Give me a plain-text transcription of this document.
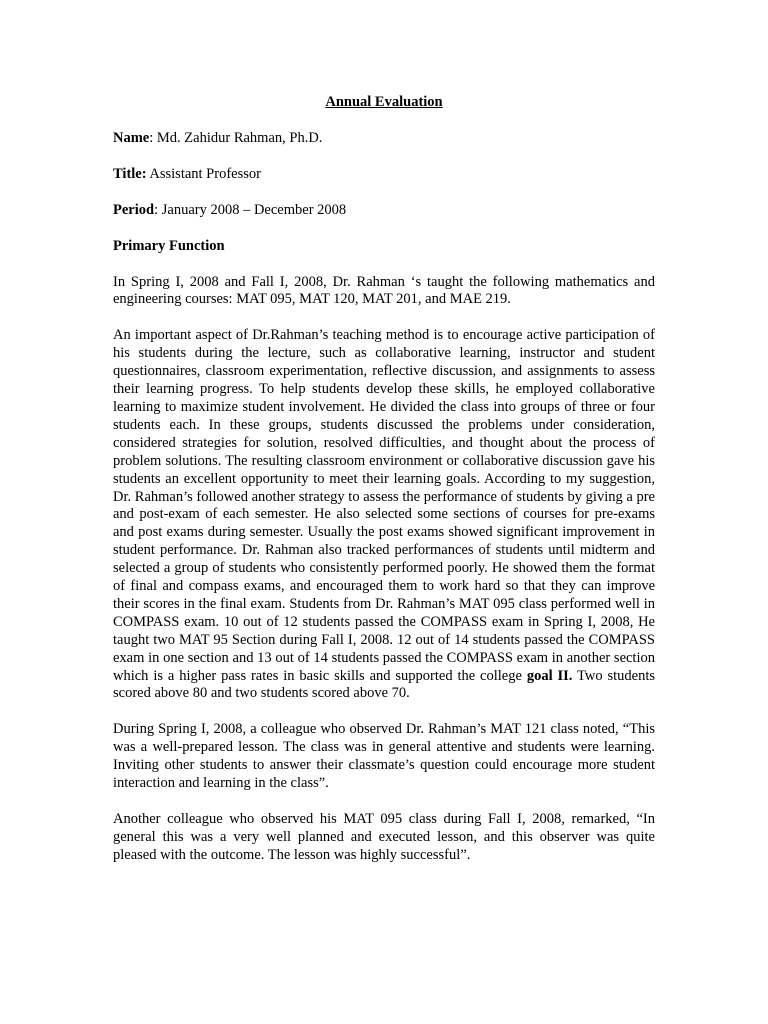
Annual Evaluation
Name: Md. Zahidur Rahman, Ph.D.
Title: Assistant Professor
Period: January 2008 – December 2008
Primary Function

In Spring I, 2008 and Fall I, 2008, Dr. Rahman ‘s taught the following mathematics and engineering courses: MAT 095, MAT 120, MAT 201, and MAE 219.

An important aspect of Dr.Rahman’s teaching method is to encourage active participation of his students during the lecture, such as collaborative learning, instructor and student questionnaires, classroom experimentation, reflective discussion, and assignments to assess their learning progress. To help students develop these skills, he employed collaborative learning to maximize student involvement. He divided the class into groups of three or four students each. In these groups, students discussed the problems under consideration, considered strategies for solution, resolved difficulties, and thought about the process of problem solutions. The resulting classroom environment or collaborative discussion gave his students an excellent opportunity to meet their learning goals. According to my suggestion, Dr. Rahman’s followed another strategy to assess the performance of students by giving a pre and post-exam of each semester. He also selected some sections of courses for pre-exams and post exams during semester. Usually the post exams showed significant improvement in student performance. Dr. Rahman also tracked performances of students until midterm and selected a group of students who consistently performed poorly. He showed them the format of final and compass exams, and encouraged them to work hard so that they can improve their scores in the final exam. Students from Dr. Rahman’s MAT 095 class performed well in COMPASS exam. 10 out of 12 students passed the COMPASS exam in Spring I, 2008, He taught two MAT 95 Section during Fall I, 2008. 12 out of 14 students passed the COMPASS exam in one section and 13 out of 14 students passed the COMPASS exam in another section which is a higher pass rates in basic skills and supported the college goal II. Two students scored above 80 and two students scored above 70.

During Spring I, 2008, a colleague who observed Dr. Rahman’s MAT 121 class noted, “This was a well-prepared lesson. The class was in general attentive and students were learning. Inviting other students to answer their classmate’s question could encourage more student interaction and learning in the class”.

Another colleague who observed his MAT 095 class during Fall I, 2008, remarked, “In general this was a very well planned and executed lesson, and this observer was quite pleased with the outcome. The lesson was highly successful”.
